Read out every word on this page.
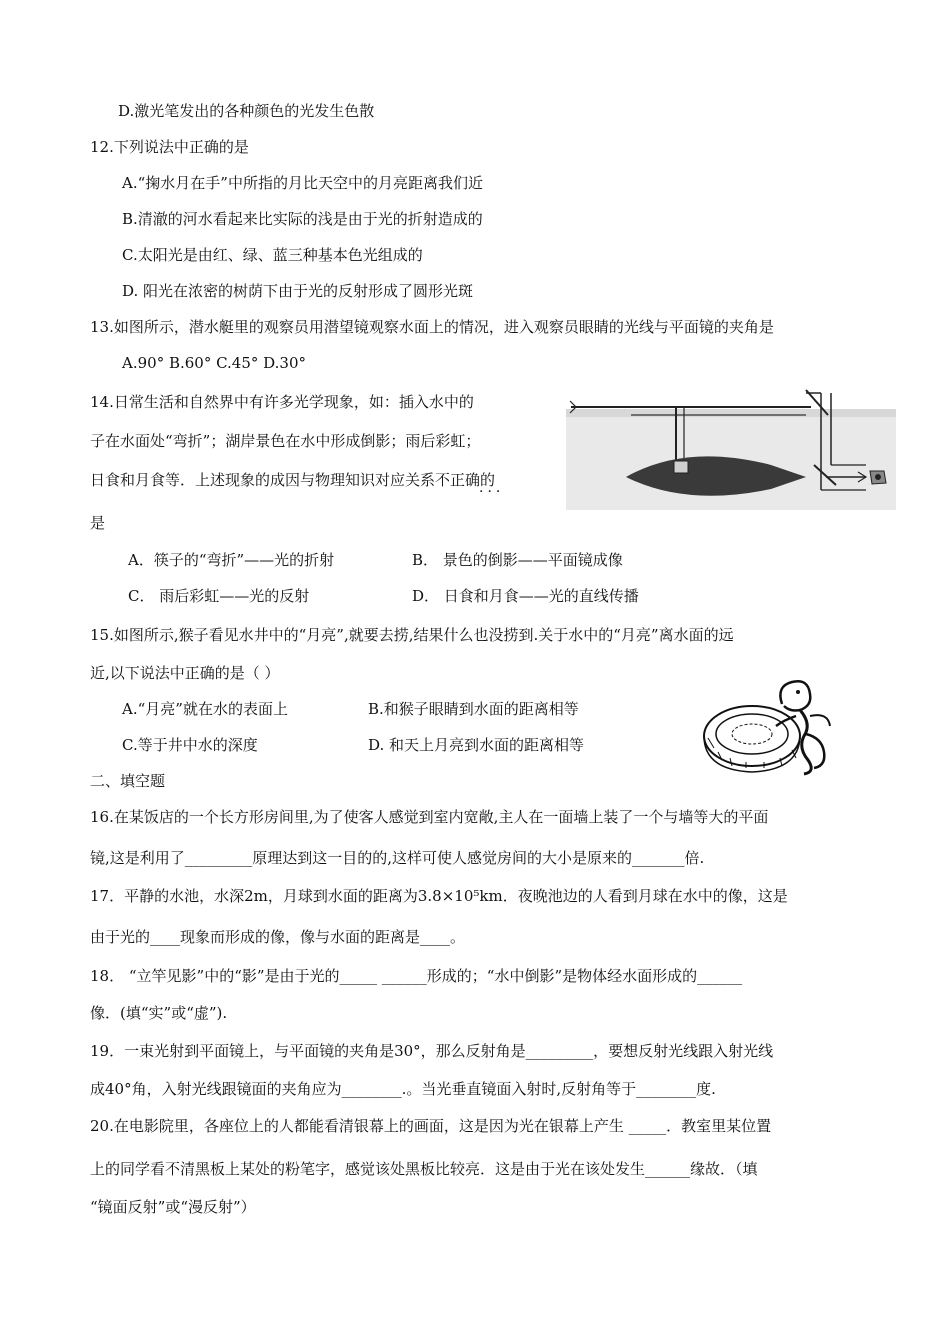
D.激光笔发出的各种颜色的光发生色散
12.下列说法中正确的是
A.“掬水月在手”中所指的月比天空中的月亮距离我们近
B.清澈的河水看起来比实际的浅是由于光的折射造成的
C.太阳光是由红、绿、蓝三种基本色光组成的
D. 阳光在浓密的树荫下由于光的反射形成了圆形光斑
13.如图所示，潜水艇里的观察员用潜望镜观察水面上的情况，进入观察员眼睛的光线与平面镜的夹角是
A.90° B.60° C.45° D.30°
14.日常生活和自然界中有许多光学现象，如：插入水中的
子在水面处“弯折”；湖岸景色在水中形成倒影；雨后彩虹；
日食和月食等．上述现象的成因与物理知识对应关系不正确的
···
是
A．筷子的“弯折”——光的折射	B． 景色的倒影——平面镜成像
C． 雨后彩虹——光的反射	D． 日食和月食——光的直线传播
15.如图所示,猴子看见水井中的“月亮”,就要去捞,结果什么也没捞到.关于水中的“月亮”离水面的远
近,以下说法中正确的是（ ）
A.“月亮”就在水的表面上	B.和猴子眼睛到水面的距离相等
C.等于井中水的深度	D. 和天上月亮到水面的距离相等
二、填空题
16.在某饭店的一个长方形房间里,为了使客人感觉到室内宽敞,主人在一面墙上装了一个与墙等大的平面
镜,这是利用了_________原理达到这一目的的,这样可使人感觉房间的大小是原来的_______倍.
17．平静的水池，水深2m，月球到水面的距离为3.8×10⁵km．夜晚池边的人看到月球在水中的像，这是
由于光的____现象而形成的像，像与水面的距离是____。
18． “立竿见影”中的“影”是由于光的_____ ______形成的；“水中倒影”是物体经水面形成的______
像．(填“实”或“虚”).
19．一束光射到平面镜上，与平面镜的夹角是30°，那么反射角是_________，要想反射光线跟入射光线
成40°角，入射光线跟镜面的夹角应为________.。当光垂直镜面入射时,反射角等于________度.
20.在电影院里，各座位上的人都能看清银幕上的画面，这是因为光在银幕上产生 _____．教室里某位置
上的同学看不清黑板上某处的粉笔字，感觉该处黑板比较亮．这是由于光在该处发生______缘故．（填
“镜面反射”或“漫反射”）
